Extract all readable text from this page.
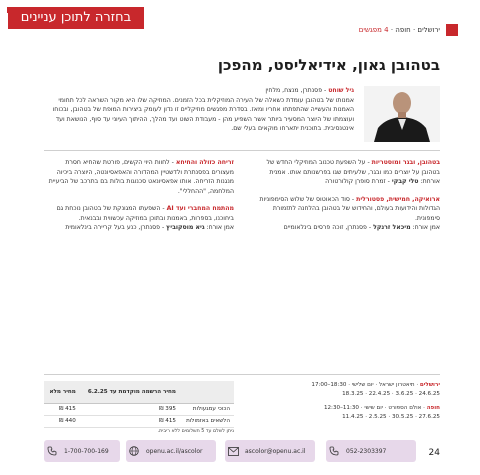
בחזרה לתוכן עניינים
ירושלים · חופה · 4 מפגשים
בטהובן גאון, אידיאליסט, מהפכן
גיל שוחט - פסנתרן, מנצח, מלחין
אמנותו של בטהובן עומדת כשאלה של העירה המוזיקלית בכל הזמנים. המוזיקה שלו היא מקור השראה לכל תחומי האמנות והעשייה שהתפתחו אחריו ומאז. בסדרת מפגשים מוזיקליים זו נדון לעומק ביצירות המופת של בטהובן, ובכוחו ועוצמתו של היוצר המסעיר ביותר אשר השפיע מהן - מעבודת השוט ועד מהלך, ההיתוך העיוני עד סוף, הנושאת ועד אינטנסיבית. בתוכנית יתארחו מוקאים בעלי שם.

בטהובן, ובגר ומוסטריות - על השפעת טכנוב המוזיקלי החדש של בטהובן על יוצרים כמו ובגר, שלעיתים שגו בפרשנותם אותו. אמנית אורחת: טלי קבקי - זמרת סופרן קולורטורה

ארואיקה, חמישית, פסטורלית - סוד הכאוטוס של שלוש הסימפוניות הגדולות והידועות בעולם, והחידוש של בטהובן בהלחנה לתזמורת סימפונית.
אמן אורח: מיכאל זרנקל - פסנתרן, זוכה פרסים בינלאומיים

זריחה כזולה והחיחא - לחוות היוי הקשים, פורטת שהחיא חסרת מעצורים בפסנתרת ולדשטיין המהדורה והאפאסיונטה, היוצרה ביכיוה מנגנות הזריחה. אותו אפאסיונאט סכנוגות בולות בם בתרכב של הביעיית המלחמה, "ההחללי".

מהתמח המחברי ועד AI - השפעתו המגונקת של בטהובן נוכחת גם ביחוכנו, בספרות, באמנות ובתוכן במוזיקה עכשווית ובבנאית.
אמן אורח: גיא מוסקוביץ - פסנתרן, כנע בעל קריירה בינלאומית

ירושלים · תיאטרון ישראל · יום שלישי · 18:30–17:00
24.6.25 · 3.6.25 · 22.4.25 · 18.3.25
חופה · אולם הספורט · יום שישי · 11:30–12:30
27.6.25 · 30.5.25 · 2.5.25 · 11.4.25
	מחיר הרשמה מוקדמת עד 6.2.25	מחיר מלא
הכוכי עמגעולות	395 ₪	415 ₪
הלשאים באזמולות	415 ₪	440 ₪
ניתן לשלם עד 5 תשלומים ללא ריבית.
24
052-2303397
ascolor@openu.ac.il
openu.ac.il/ascolor
1-700-700-169
